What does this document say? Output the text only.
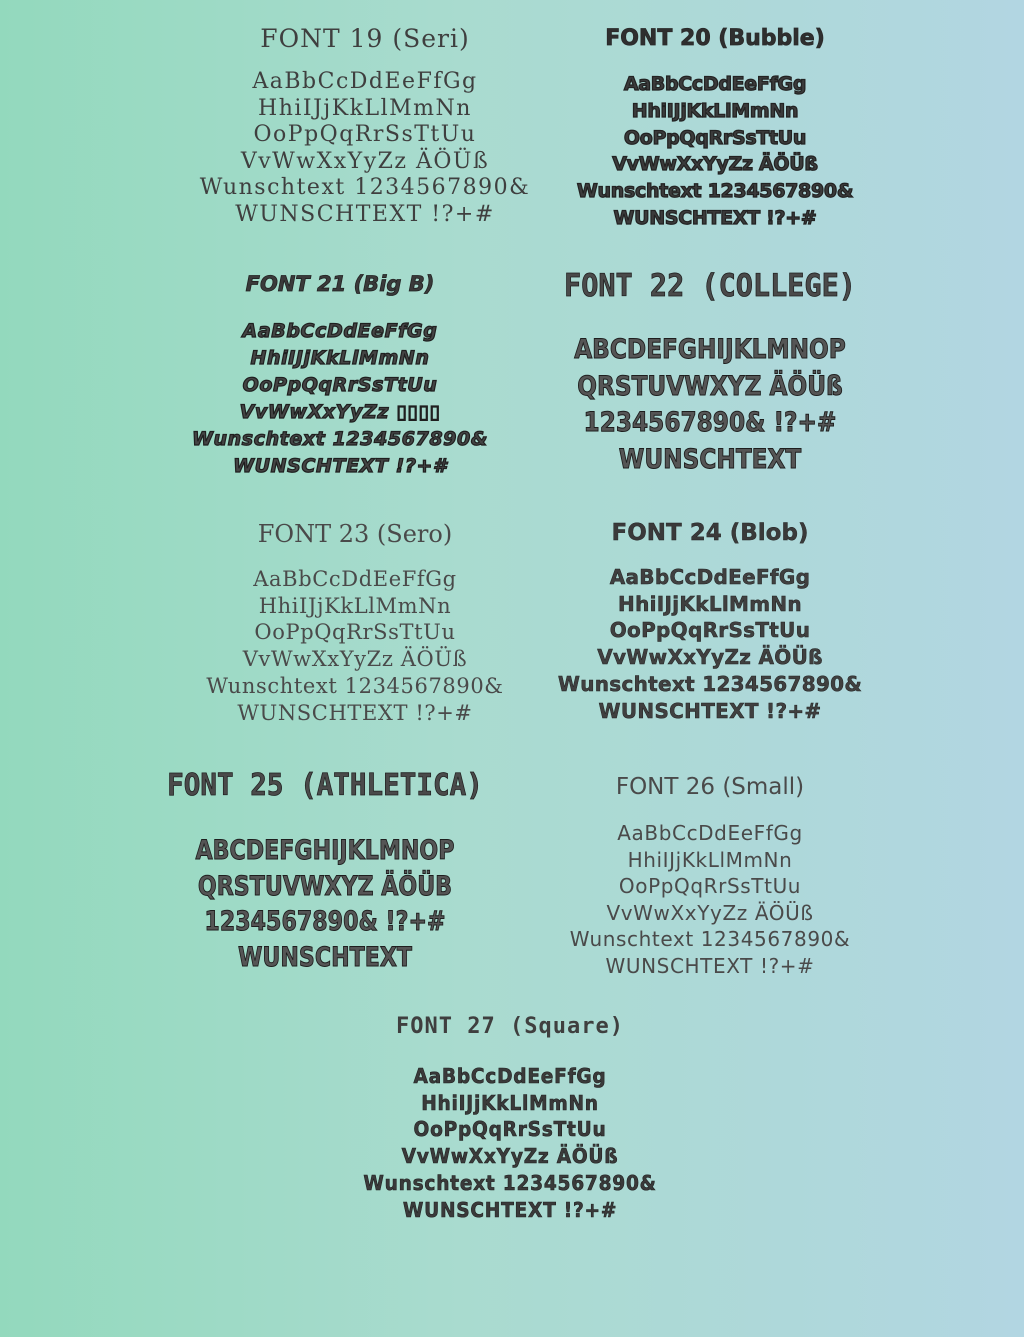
FONT 19 (Seri)
AaBbCcDdEeFfGg
HhiIJjKkLlMmNn
OoPpQqRrSsTtUu
VvWwXxYyZz ÄÖÜß
Wunschtext 1234567890&
WUNSCHTEXT !?+#
FONT 20 (Bubble)
AaBbCcDdEeFfGg
HhiIJjKkLlMmNn
OoPpQqRrSsTtUu
VvWwXxYyZz ÄÖÜß
Wunschtext 1234567890&
WUNSCHTEXT !?+#
FONT 21 (Big B)
AaBbCcDdEeFfGg
HhiIJjKkLlMmNn
OoPpQqRrSsTtUu
VvWwXxYyZz ▯▯▯▯
Wunschtext 1234567890&
WUNSCHTEXT !?+#
FONT 22 (COLLEGE)
ABCDEFGHIJKLMNOP
QRSTUVWXYZ ÄÖÜß
1234567890& !?+#
WUNSCHTEXT
FONT 23 (Sero)
AaBbCcDdEeFfGg
HhiIJjKkLlMmNn
OoPpQqRrSsTtUu
VvWwXxYyZz ÄÖÜß
Wunschtext 1234567890&
WUNSCHTEXT !?+#
FONT 24 (Blob)
AaBbCcDdEeFfGg
HhiIJjKkLlMmNn
OoPpQqRrSsTtUu
VvWwXxYyZz ÄÖÜß
Wunschtext 1234567890&
WUNSCHTEXT !?+#
FONT 25 (ATHLETICA)
ABCDEFGHIJKLMNOP
QRSTUVWXYZ ÄÖÜB
1234567890& !?+#
WUNSCHTEXT
FONT 26 (Small)
AaBbCcDdEeFfGg
HhiIJjKkLlMmNn
OoPpQqRrSsTtUu
VvWwXxYyZz ÄÖÜß
Wunschtext 1234567890&
WUNSCHTEXT !?+#
FONT 27 (Square)
AaBbCcDdEeFfGg
HhiIJjKkLlMmNn
OoPpQqRrSsTtUu
VvWwXxYyZz ÄÖÜß
Wunschtext 1234567890&
WUNSCHTEXT !?+#
